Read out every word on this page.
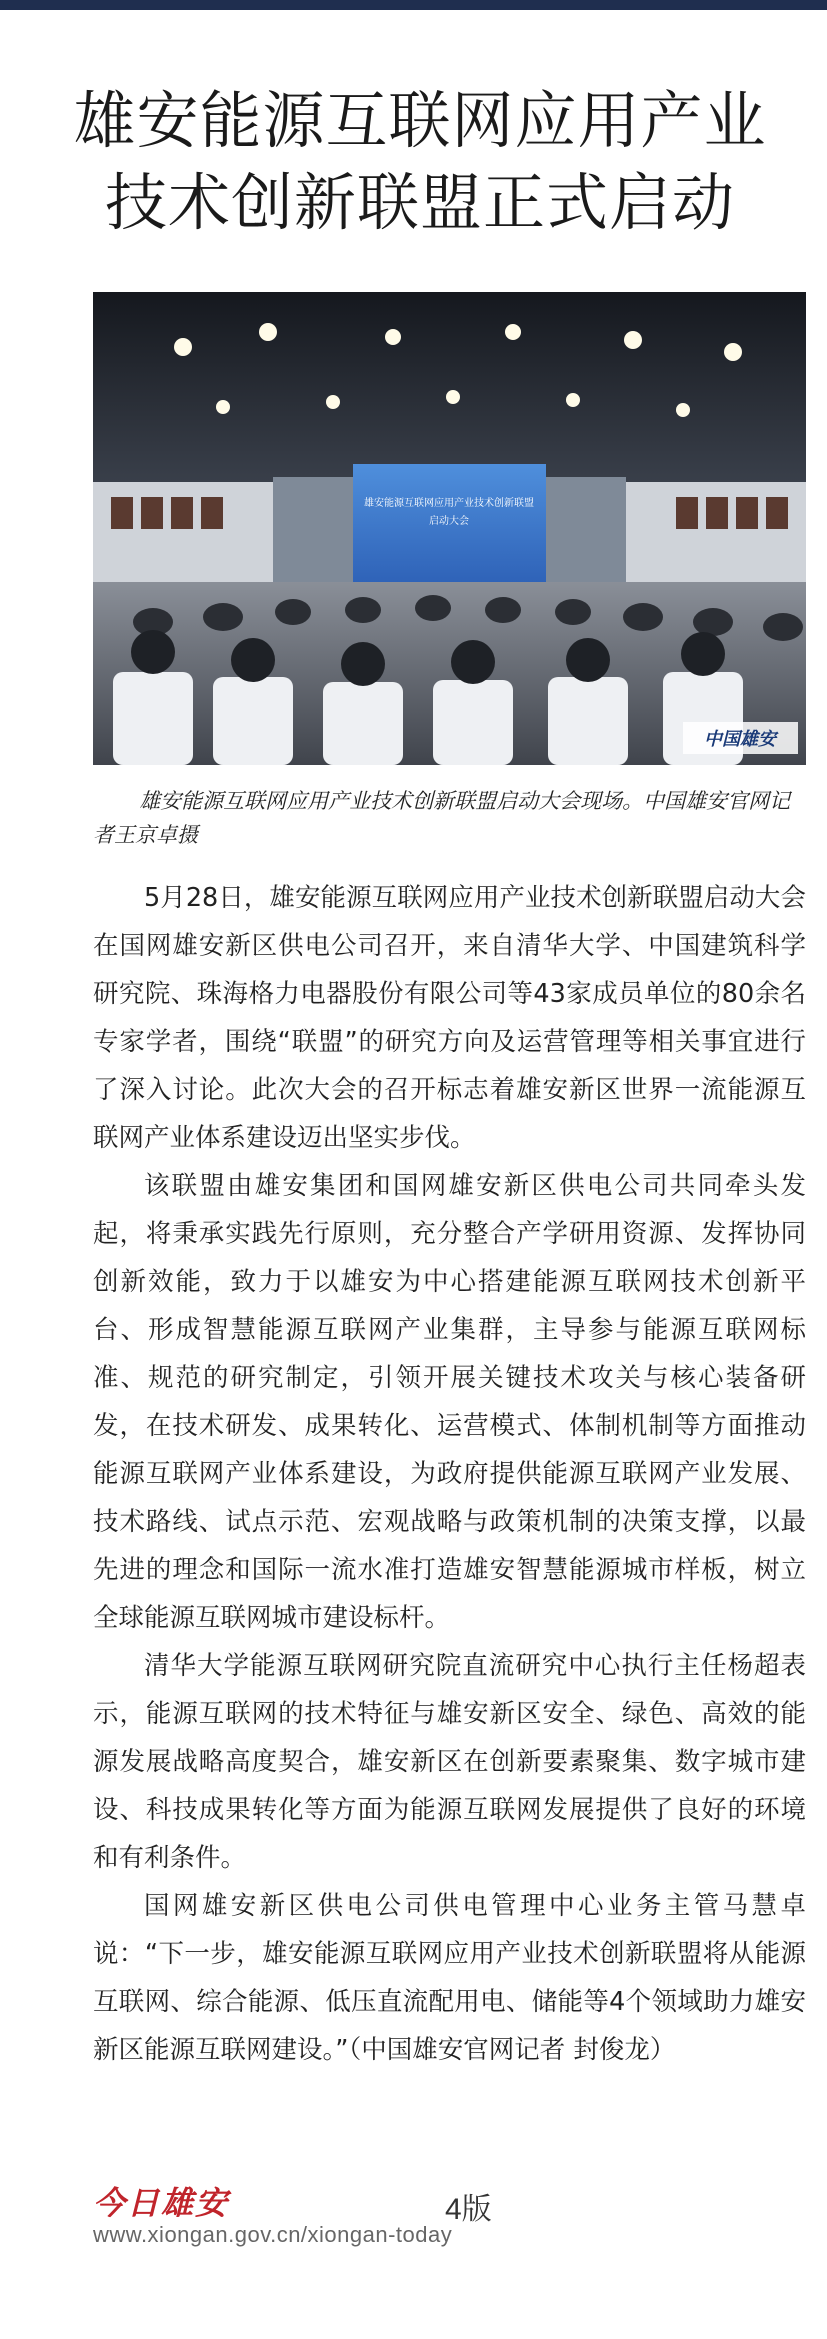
雄安能源互联网应用产业
技术创新联盟正式启动
雄安能源互联网应用产业技术创新联盟
启动大会
中国雄安
雄安能源互联网应用产业技术创新联盟启动大会现场。中国雄安官网记者王京卓摄

5月28日，雄安能源互联网应用产业技术创新联盟启动大会在国网雄安新区供电公司召开，来自清华大学、中国建筑科学研究院、珠海格力电器股份有限公司等43家成员单位的80余名专家学者，围绕“联盟”的研究方向及运营管理等相关事宜进行了深入讨论。此次大会的召开标志着雄安新区世界一流能源互联网产业体系建设迈出坚实步伐。

该联盟由雄安集团和国网雄安新区供电公司共同牵头发起，将秉承实践先行原则，充分整合产学研用资源、发挥协同创新效能，致力于以雄安为中心搭建能源互联网技术创新平台、形成智慧能源互联网产业集群，主导参与能源互联网标准、规范的研究制定，引领开展关键技术攻关与核心装备研发，在技术研发、成果转化、运营模式、体制机制等方面推动能源互联网产业体系建设，为政府提供能源互联网产业发展、技术路线、试点示范、宏观战略与政策机制的决策支撑，以最先进的理念和国际一流水准打造雄安智慧能源城市样板，树立全球能源互联网城市建设标杆。

清华大学能源互联网研究院直流研究中心执行主任杨超表示，能源互联网的技术特征与雄安新区安全、绿色、高效的能源发展战略高度契合，雄安新区在创新要素聚集、数字城市建设、科技成果转化等方面为能源互联网发展提供了良好的环境和有利条件。

国网雄安新区供电公司供电管理中心业务主管马慧卓说：“下一步，雄安能源互联网应用产业技术创新联盟将从能源互联网、综合能源、低压直流配用电、储能等4个领域助力雄安新区能源互联网建设。”（中国雄安官网记者 封俊龙）

今日雄安	4版
www.xiongan.gov.cn/xiongan-today
